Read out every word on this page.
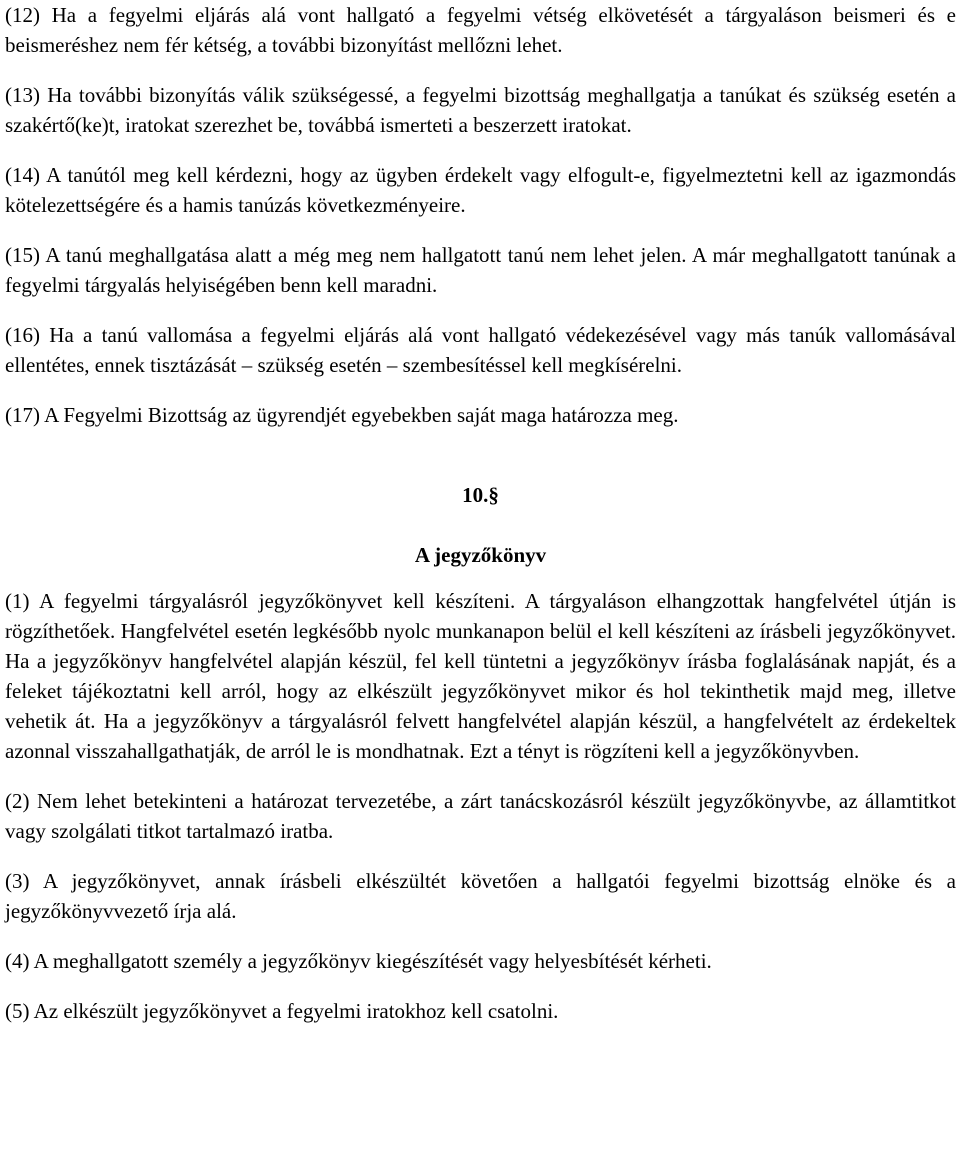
(12) Ha a fegyelmi eljárás alá vont hallgató a fegyelmi vétség elkövetését a tárgyaláson beismeri és e beismeréshez nem fér kétség, a további bizonyítást mellőzni lehet.

(13) Ha további bizonyítás válik szükségessé, a fegyelmi bizottság meghallgatja a tanúkat és szükség esetén a szakértő(ke)t, iratokat szerezhet be, továbbá ismerteti a beszerzett iratokat.

(14) A tanútól meg kell kérdezni, hogy az ügyben érdekelt vagy elfogult-e, figyelmeztetni kell az igazmondás kötelezettségére és a hamis tanúzás következményeire.

(15) A tanú meghallgatása alatt a még meg nem hallgatott tanú nem lehet jelen. A már meghallgatott tanúnak a fegyelmi tárgyalás helyiségében benn kell maradni.

(16) Ha a tanú vallomása a fegyelmi eljárás alá vont hallgató védekezésével vagy más tanúk vallomásával ellentétes, ennek tisztázását – szükség esetén – szembesítéssel kell megkísérelni.

(17) A Fegyelmi Bizottság az ügyrendjét egyebekben saját maga határozza meg.

10.§
A jegyzőkönyv

(1) A fegyelmi tárgyalásról jegyzőkönyvet kell készíteni. A tárgyaláson elhangzottak hangfelvétel útján is rögzíthetőek. Hangfelvétel esetén legkésőbb nyolc munkanapon belül el kell készíteni az írásbeli jegyzőkönyvet. Ha a jegyzőkönyv hangfelvétel alapján készül, fel kell tüntetni a jegyzőkönyv írásba foglalásának napját, és a feleket tájékoztatni kell arról, hogy az elkészült jegyzőkönyvet mikor és hol tekinthetik majd meg, illetve vehetik át. Ha a jegyzőkönyv a tárgyalásról felvett hangfelvétel alapján készül, a hangfelvételt az érdekeltek azonnal visszahallgathatják, de arról le is mondhatnak. Ezt a tényt is rögzíteni kell a jegyzőkönyvben.

(2) Nem lehet betekinteni a határozat tervezetébe, a zárt tanácskozásról készült jegyzőkönyvbe, az államtitkot vagy szolgálati titkot tartalmazó iratba.

(3) A jegyzőkönyvet, annak írásbeli elkészültét követően a hallgatói fegyelmi bizottság elnöke és a jegyzőkönyvvezető írja alá.

(4) A meghallgatott személy a jegyzőkönyv kiegészítését vagy helyesbítését kérheti.

(5) Az elkészült jegyzőkönyvet a fegyelmi iratokhoz kell csatolni.
